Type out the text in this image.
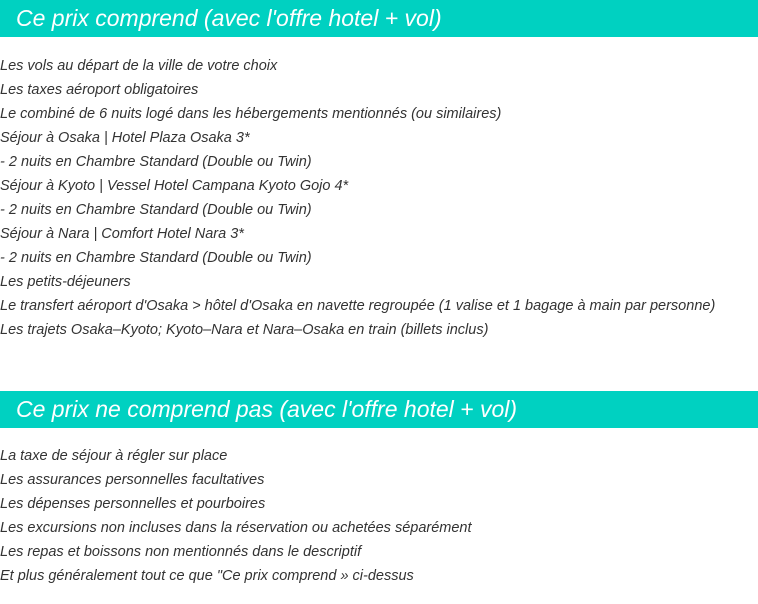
Ce prix comprend (avec l'offre hotel + vol)
Les vols au départ de la ville de votre choix
Les taxes aéroport obligatoires
Le combiné de 6 nuits logé dans les hébergements mentionnés (ou similaires)
Séjour à Osaka | Hotel Plaza Osaka 3*
- 2 nuits en Chambre Standard (Double ou Twin)
Séjour à Kyoto | Vessel Hotel Campana Kyoto Gojo 4*
- 2 nuits en Chambre Standard (Double ou Twin)
Séjour à Nara | Comfort Hotel Nara 3*
- 2 nuits en Chambre Standard (Double ou Twin)
Les petits-déjeuners
Le transfert aéroport d'Osaka > hôtel d'Osaka en navette regroupée (1 valise et 1 bagage à main par personne)
Les trajets Osaka–Kyoto; Kyoto–Nara et Nara–Osaka en train (billets inclus)
Ce prix ne comprend pas (avec l'offre hotel + vol)
La taxe de séjour à régler sur place
Les assurances personnelles facultatives
Les dépenses personnelles et pourboires
Les excursions non incluses dans la réservation ou achetées séparément
Les repas et boissons non mentionnés dans le descriptif
Et plus généralement tout ce que "Ce prix comprend » ci-dessus
